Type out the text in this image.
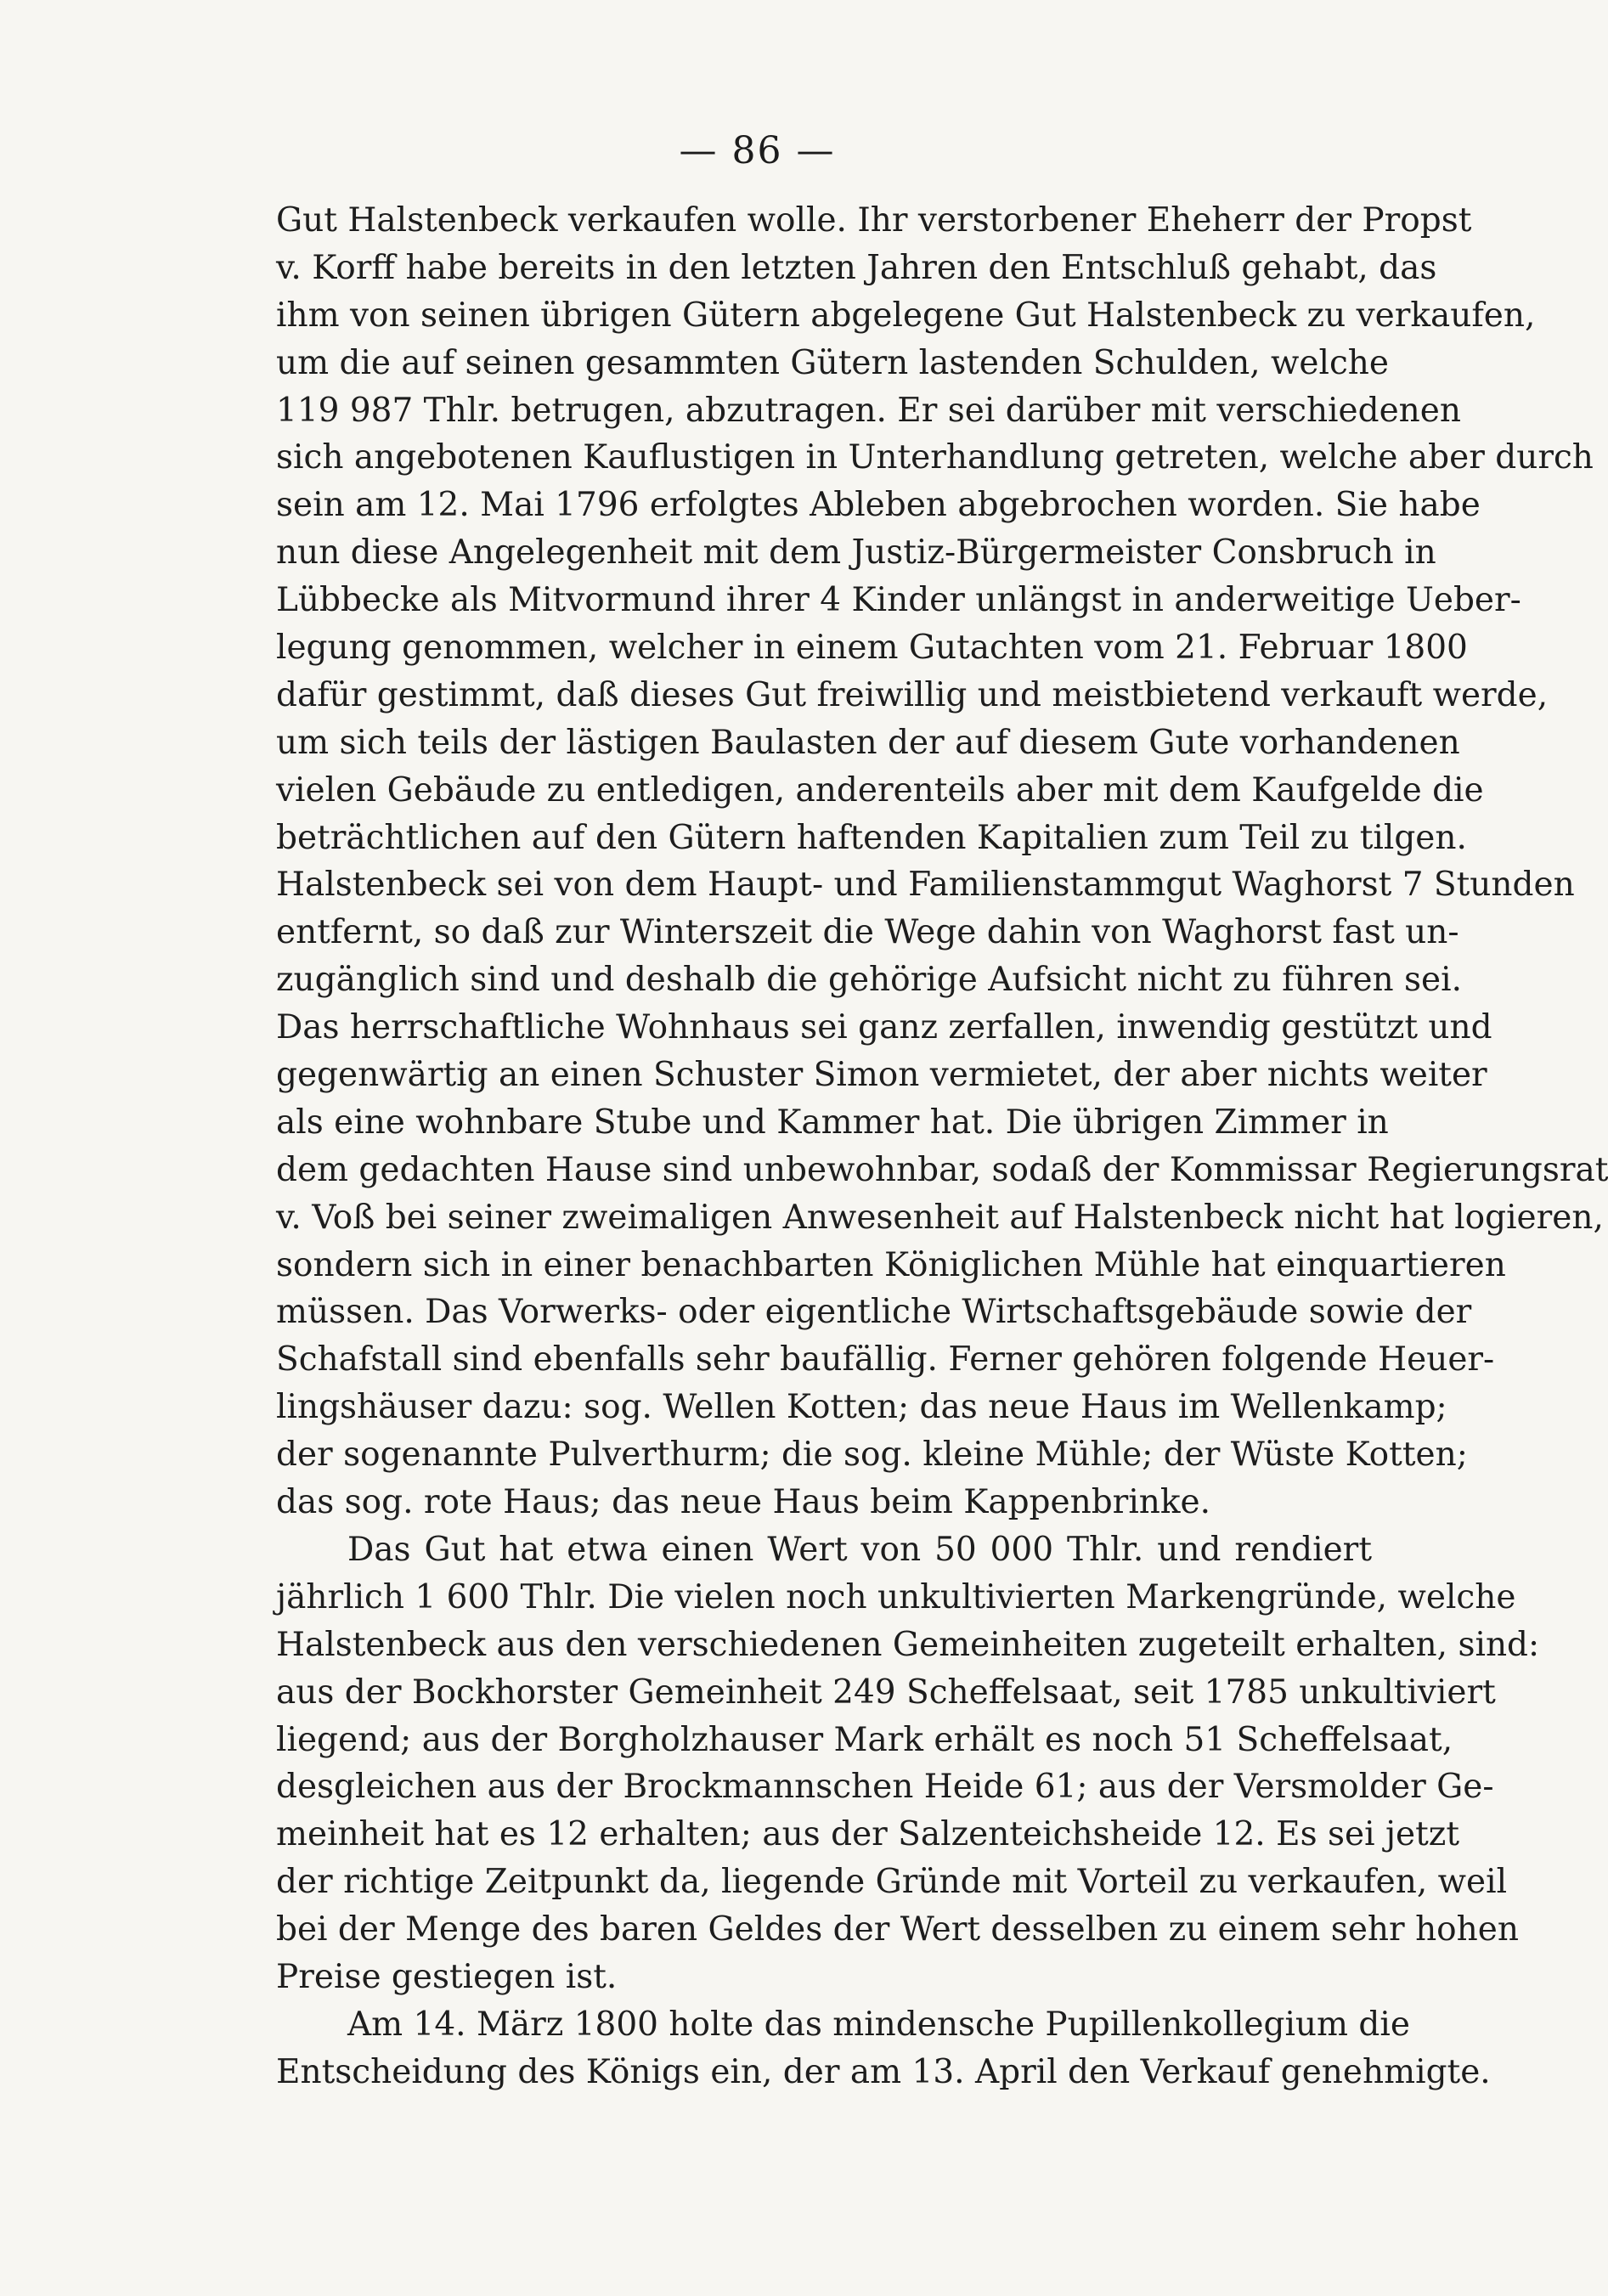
— 86 —
Gut Halstenbeck verkaufen wolle. Ihr verstorbener Eheherr der Propst
v. Korff habe bereits in den letzten Jahren den Entschluß gehabt, das
ihm von seinen übrigen Gütern abgelegene Gut Halstenbeck zu verkaufen,
um die auf seinen gesammten Gütern lastenden Schulden, welche
119 987 Thlr. betrugen, abzutragen. Er sei darüber mit verschiedenen
sich angebotenen Kauflustigen in Unterhandlung getreten, welche aber durch
sein am 12. Mai 1796 erfolgtes Ableben abgebrochen worden. Sie habe
nun diese Angelegenheit mit dem Justiz-Bürgermeister Consbruch in
Lübbecke als Mitvormund ihrer 4 Kinder unlängst in anderweitige Ueber-
legung genommen, welcher in einem Gutachten vom 21. Februar 1800
dafür gestimmt, daß dieses Gut freiwillig und meistbietend verkauft werde,
um sich teils der lästigen Baulasten der auf diesem Gute vorhandenen
vielen Gebäude zu entledigen, anderenteils aber mit dem Kaufgelde die
beträchtlichen auf den Gütern haftenden Kapitalien zum Teil zu tilgen.
Halstenbeck sei von dem Haupt- und Familienstammgut Waghorst 7 Stunden
entfernt, so daß zur Winterszeit die Wege dahin von Waghorst fast un-
zugänglich sind und deshalb die gehörige Aufsicht nicht zu führen sei.
Das herrschaftliche Wohnhaus sei ganz zerfallen, inwendig gestützt und
gegenwärtig an einen Schuster Simon vermietet, der aber nichts weiter
als eine wohnbare Stube und Kammer hat. Die übrigen Zimmer in
dem gedachten Hause sind unbewohnbar, sodaß der Kommissar Regierungsrat
v. Voß bei seiner zweimaligen Anwesenheit auf Halstenbeck nicht hat logieren,
sondern sich in einer benachbarten Königlichen Mühle hat einquartieren
müssen. Das Vorwerks- oder eigentliche Wirtschaftsgebäude sowie der
Schafstall sind ebenfalls sehr baufällig. Ferner gehören folgende Heuer-
lingshäuser dazu: sog. Wellen Kotten; das neue Haus im Wellenkamp;
der sogenannte Pulverthurm; die sog. kleine Mühle; der Wüste Kotten;
das sog. rote Haus; das neue Haus beim Kappenbrinke.
Das Gut hat etwa einen Wert von 50 000 Thlr. und rendiert
jährlich 1 600 Thlr. Die vielen noch unkultivierten Markengründe, welche
Halstenbeck aus den verschiedenen Gemeinheiten zugeteilt erhalten, sind:
aus der Bockhorster Gemeinheit 249 Scheffelsaat, seit 1785 unkultiviert
liegend; aus der Borgholzhauser Mark erhält es noch 51 Scheffelsaat,
desgleichen aus der Brockmannschen Heide 61; aus der Versmolder Ge-
meinheit hat es 12 erhalten; aus der Salzenteichsheide 12. Es sei jetzt
der richtige Zeitpunkt da, liegende Gründe mit Vorteil zu verkaufen, weil
bei der Menge des baren Geldes der Wert desselben zu einem sehr hohen
Preise gestiegen ist.
Am 14. März 1800 holte das mindensche Pupillenkollegium die
Entscheidung des Königs ein, der am 13. April den Verkauf genehmigte.
